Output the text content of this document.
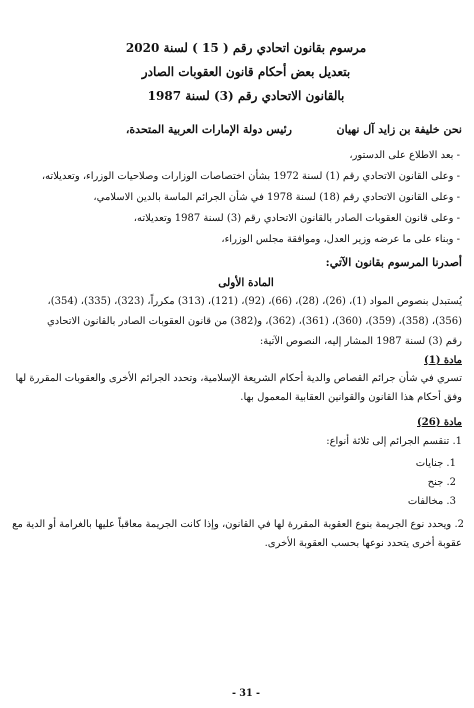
مرسوم بقانون اتحادي رقم ( 15 ) لسنة 2020
بتعديل بعض أحكام قانون العقوبات الصادر
بالقانون الاتحادي رقم (3) لسنة 1987
نحن خليفة بن زايد آل نهيان
رئيس دولة الإمارات العربية المتحدة،
- بعد الاطلاع على الدستور،
- وعلى القانون الاتحادي رقم (1) لسنة 1972 بشأن اختصاصات الوزارات وصلاحيات الوزراء، وتعديلاته،
- وعلى القانون الاتحادي رقم (18) لسنة 1978 في شأن الجرائم الماسة بالدين الاسلامي،
- وعلى قانون العقوبات الصادر بالقانون الاتحادي رقم (3) لسنة 1987 وتعديلاته،
- وبناء على ما عرضه وزير العدل، وموافقة مجلس الوزراء،
أصدرنا المرسوم بقانون الآتي:
المادة الأولى
يُستبدل بنصوص المواد (1)، (26)، (28)، (66)، (92)، (121)، (313) مكرراً، (323)، (335)، (354)،
(356)، (358)، (359)، (360)، (361)، (362)، و(382) من قانون العقوبات الصادر بالقانون الاتحادي
رقم (3) لسنة 1987 المشار إليه، النصوص الآتية:
مادة (1)
تسري في شأن جرائم القصاص والدية أحكام الشريعة الإسلامية، وتحدد الجرائم الأخرى والعقوبات المقررة لها
وفق أحكام هذا القانون والقوانين العقابية المعمول بها.
مادة (26)
1. تنقسم الجرائم إلى ثلاثة أنواع:
1. جنايات
2. جنح
3. مخالفات
2. ويحدد نوع الجريمة بنوع العقوبة المقررة لها في القانون، وإذا كانت الجريمة معاقباً عليها بالغرامة أو الدية مع
عقوبة أخرى يتحدد نوعها بحسب العقوبة الأخرى.
- 31 -
